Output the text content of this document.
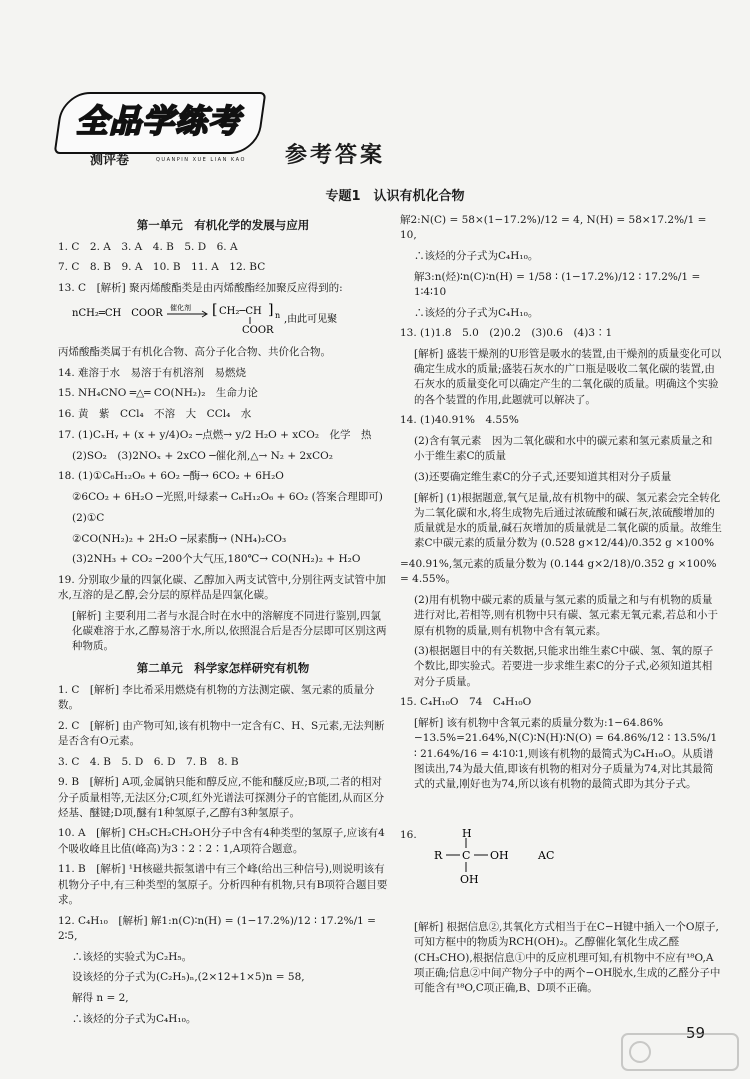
全品学练考
测评卷	QUANPIN XUE LIAN KAO 参考答案
专题1　认识有机化合物
第一单元　有机化学的发展与应用
1. C　2. A　3. A　4. B　5. D　6. A
7. C　8. B　9. A　10. B　11. A　12. BC
13. C　[解析] 聚丙烯酸酯类是由丙烯酸酯经加聚反应得到的:
nCH₂═CH　COOR 催化剂 [ CH₂─CH ] n
COOR
,由此可见聚
丙烯酸酯类属于有机化合物、高分子化合物、共价化合物。
14. 难溶于水　易溶于有机溶剂　易燃烧
15. NH₄CNO ═△═ CO(NH₂)₂　生命力论
16. 黄　紫　CCl₄　不溶　大　CCl₄　水
17. (1)CₓHᵧ + (x + y/4)O₂ ─点燃→ y/2 H₂O + xCO₂　化学　热
(2)SO₂　(3)2NOₓ + 2xCO ─催化剂,△→ N₂ + 2xCO₂
18. (1)①C₆H₁₂O₆ + 6O₂ ─酶→ 6CO₂ + 6H₂O
②6CO₂ + 6H₂O ─光照,叶绿素→ C₆H₁₂O₆ + 6O₂ (答案合理即可)
(2)①C
②CO(NH₂)₂ + 2H₂O ─尿素酶→ (NH₄)₂CO₃
(3)2NH₃ + CO₂ ─200个大气压,180℃→ CO(NH₂)₂ + H₂O
19. 分别取少量的四氯化碳、乙醇加入两支试管中,分别往两支试管中加水,互溶的是乙醇,会分层的原样品是四氯化碳。
[解析] 主要利用二者与水混合时在水中的溶解度不同进行鉴别,四氯化碳难溶于水,乙醇易溶于水,所以,依照混合后是否分层即可区别这两种物质。
第二单元　科学家怎样研究有机物
1. C　[解析] 李比希采用燃烧有机物的方法测定碳、氢元素的质量分数。
2. C　[解析] 由产物可知,该有机物中一定含有C、H、S元素,无法判断是否含有O元素。
3. C　4. B　5. D　6. D　7. B　8. B
9. B　[解析] A项,金属钠只能和醇反应,不能和醚反应;B项,二者的相对分子质量相等,无法区分;C项,红外光谱法可探测分子的官能团,从而区分烃基、醚键;D项,醚有1种氢原子,乙醇有3种氢原子。
10. A　[解析] CH₃CH₂CH₂OH分子中含有4种类型的氢原子,应该有4个吸收峰且比值(峰高)为3∶2∶2∶1,A项符合题意。
11. B　[解析] ¹H核磁共振氢谱中有三个峰(给出三种信号),则说明该有机物分子中,有三种类型的氢原子。分析四种有机物,只有B项符合题目要求。
12. C₄H₁₀　[解析] 解1:n(C)∶n(H) = (1−17.2%)/12 ∶ 17.2%/1 = 2∶5,
∴该烃的实验式为C₂H₅。
设该烃的分子式为(C₂H₅)ₙ,(2×12+1×5)n = 58,
解得 n = 2,
∴该烃的分子式为C₄H₁₀。
解2:N(C) = 58×(1−17.2%)/12 = 4, N(H) = 58×17.2%/1 = 10,
∴该烃的分子式为C₄H₁₀。
解3:n(烃)∶n(C)∶n(H) = 1/58 ∶ (1−17.2%)/12 ∶ 17.2%/1 = 1∶4∶10
∴该烃的分子式为C₄H₁₀。
13. (1)1.8　5.0　(2)0.2　(3)0.6　(4)3∶1
[解析] 盛装干燥剂的U形管是吸水的装置,由干燥剂的质量变化可以确定生成水的质量;盛装石灰水的广口瓶是吸收二氧化碳的装置,由石灰水的质量变化可以确定产生的二氧化碳的质量。明确这个实验的各个装置的作用,此题就可以解决了。
14. (1)40.91%　4.55%
(2)含有氧元素　因为二氧化碳和水中的碳元素和氢元素质量之和小于维生素C的质量
(3)还要确定维生素C的分子式,还要知道其相对分子质量
[解析] (1)根据题意,氧气足量,故有机物中的碳、氢元素会完全转化为二氧化碳和水,将生成物先后通过浓硫酸和碱石灰,浓硫酸增加的质量就是水的质量,碱石灰增加的质量就是二氧化碳的质量。故维生素C中碳元素的质量分数为 (0.528 g×12/44)/0.352 g ×100%
=40.91%,氢元素的质量分数为 (0.144 g×2/18)/0.352 g ×100% = 4.55%。
(2)用有机物中碳元素的质量与氢元素的质量之和与有机物的质量进行对比,若相等,则有机物中只有碳、氢元素无氧元素,若总和小于原有机物的质量,则有机物中含有氧元素。
(3)根据题目中的有关数据,只能求出维生素C中碳、氢、氧的原子个数比,即实验式。若要进一步求维生素C的分子式,必须知道其相对分子质量。
15. C₄H₁₀O　74　C₄H₁₀O
[解析] 该有机物中含氧元素的质量分数为:1−64.86%−13.5%=21.64%,N(C)∶N(H)∶N(O) = 64.86%/12 ∶ 13.5%/1 ∶ 21.64%/16 = 4∶10∶1,则该有机物的最简式为C₄H₁₀O。从质谱图读出,74为最大值,即该有机物的相对分子质量为74,对比其最简式的式量,刚好也为74,所以该有机物的最简式即为其分子式。

16.
R C OH
H
OH
AC

[解析] 根据信息②,其氧化方式相当于在C−H键中插入一个O原子,可知方框中的物质为RCH(OH)₂。乙醇催化氧化生成乙醛(CH₃CHO),根据信息①中的反应机理可知,有机物中不应有¹⁸O,A项正确;信息②中间产物分子中的两个−OH脱水,生成的乙醛分子中可能含有¹⁸O,C项正确,B、D项不正确。
59
